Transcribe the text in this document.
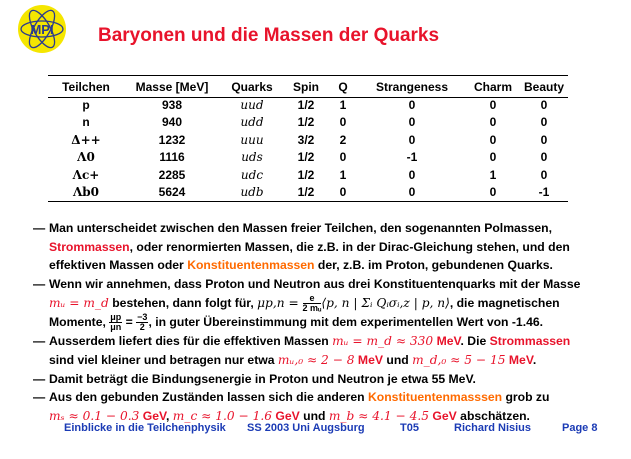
MPI Baryonen und die Massen der Quarks
Teilchen	Masse [MeV]	Quarks	Spin	Q	Strangeness	Charm	Beauty
p	938	uud	1/2	1	0	0	0
n	940	udd	1/2	0	0	0	0
Δ++	1232	uuu	3/2	2	0	0	0
Λ0	1116	uds	1/2	0	-1	0	0
Λc+	2285	udc	1/2	1	0	1	0
Λb0	5624	udb	1/2	0	0	0	-1
— Man unterscheidet zwischen den Massen freier Teilchen, den sogenannten Polmassen,
Strommassen, oder renormierten Massen, die z.B. in der Dirac-Gleichung stehen, und den
effektiven Massen oder Konstituentenmassen der, z.B. im Proton, gebundenen Quarks.
— Wenn wir annehmen, dass Proton und Neutron aus drei Konstituentenquarks mit der Masse
mᵤ = m_d bestehen, dann folgt für, $\mu p,n = \frac{e}{\text{2 mᵤ}}$ ⟨p, n | Σᵢ Qᵢσᵢ,z | p, n⟩, die magnetischen
Momente, $\frac{\mu p}{\mu n} = \frac{-3}{2}$ , in guter Übereinstimmung mit dem experimentellen Wert von -1.46.
— Ausserdem liefert dies für die effektiven Massen mᵤ = m_d ≈ 330 MeV. Die Strommassen
sind viel kleiner und betragen nur etwa mᵤ,₀ ≈ 2 − 8 MeV und m_d,₀ ≈ 5 − 15 MeV.
— Damit beträgt die Bindungsenergie in Proton und Neutron je etwa 55 MeV.
— Aus den gebunden Zuständen lassen sich die anderen Konstituentenmasssen grob zu
mₛ ≈ 0.1 − 0.3 GeV, m_c ≈ 1.0 − 1.6 GeV und m_b ≈ 4.1 − 4.5 GeV abschätzen.
Einblicke in die Teilchenphysik SS 2003 Uni Augsburg	T05	Richard Nisius	Page 8
